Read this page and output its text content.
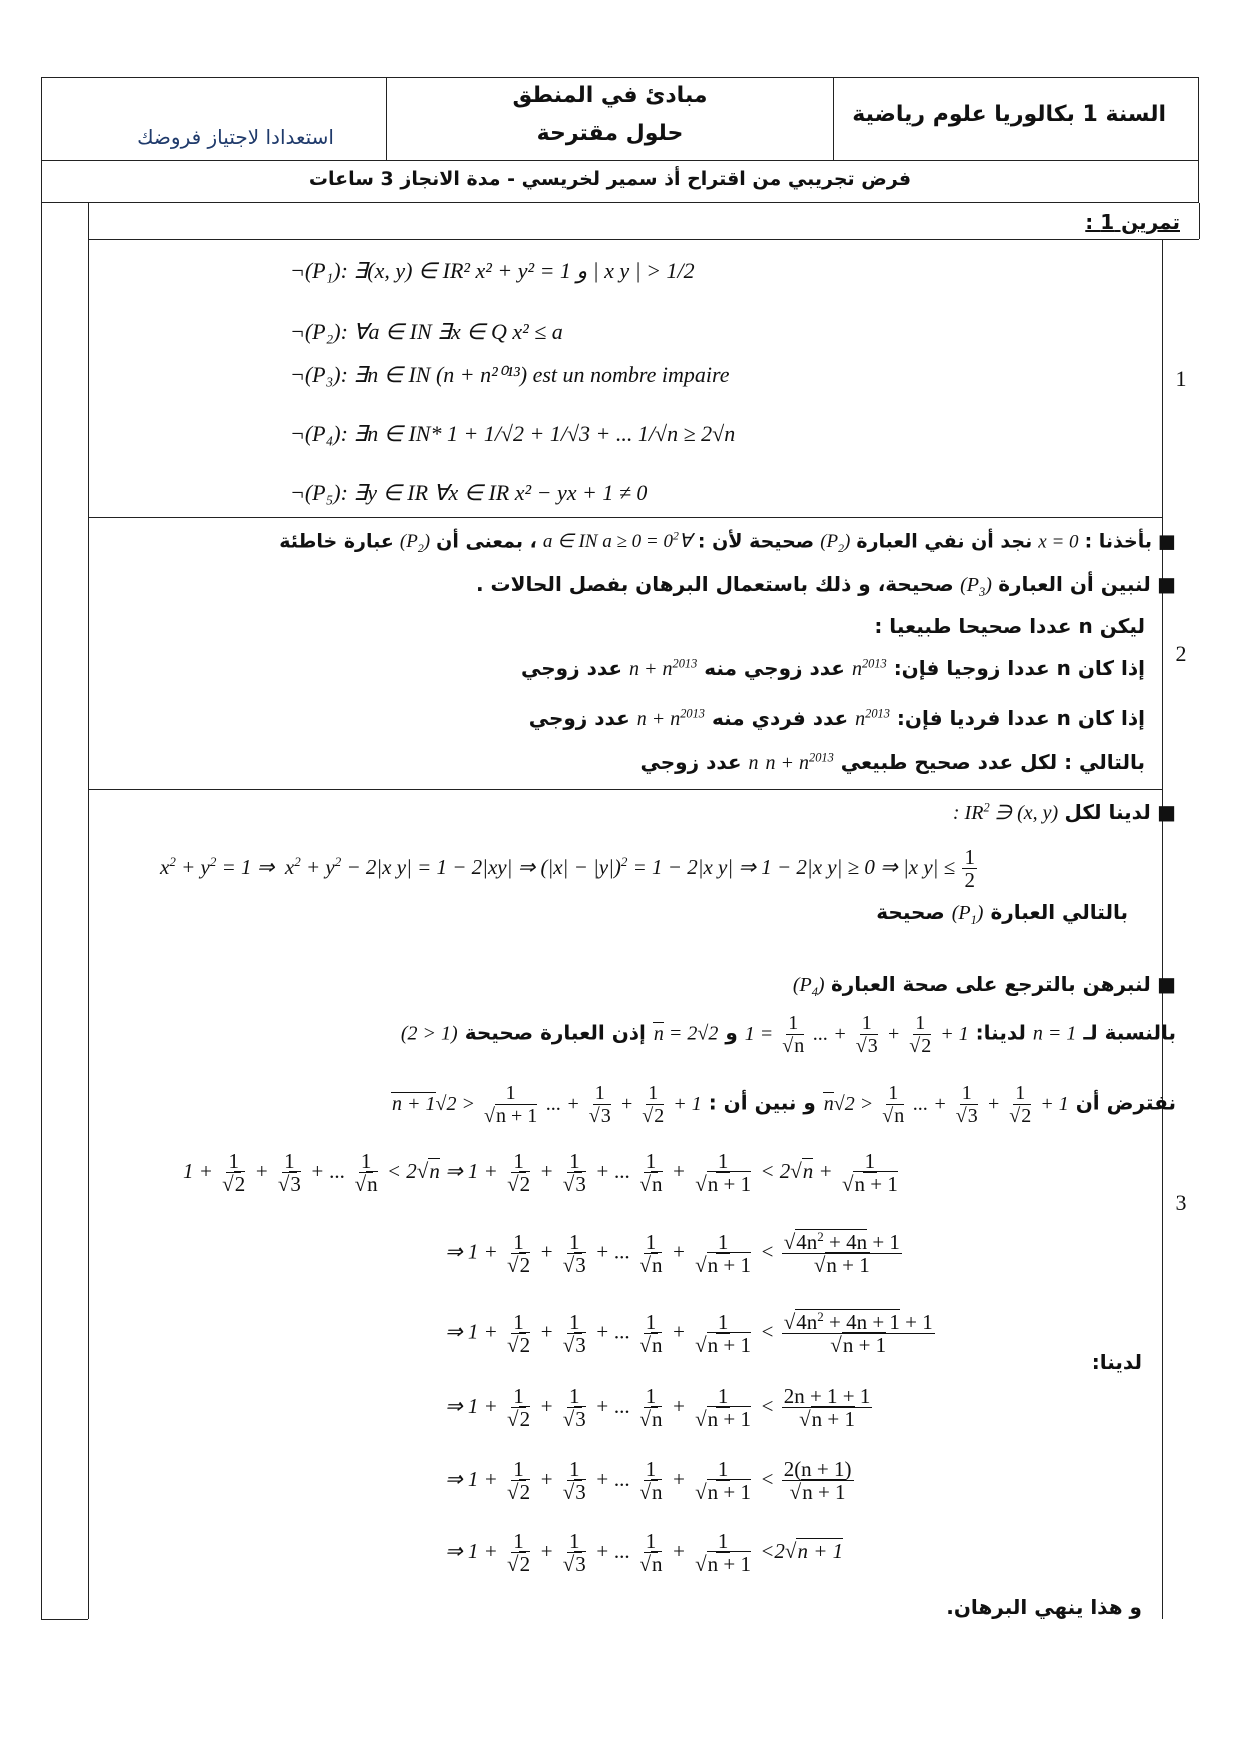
السنة 1 بكالوريا علوم رياضية
مبادئ في المنطق
حلول مقترحة
استعدادا لاجتياز فروضك
فرض تجريبي من اقتراح أذ سمير لخريسي - مدة الانجاز 3 ساعات
تمرين 1 :
1
2
3
¬(P₁): ∃(x, y) ∈ IR² x² + y² = 1 و | x y | > 1/2
¬(P₂): ∀a ∈ IN ∃x ∈ Q x² ≤ a
¬(P₃): ∃n ∈ IN (n + n²⁰¹³) est un nombre impaire
¬(P₄): ∃n ∈ IN* 1 + 1/√2 + 1/√3 + ... 1/√n ≥ 2√n
¬(P₅): ∃y ∈ IR ∀x ∈ IR x² − yx + 1 ≠ 0
■ بأخذنا : x = 0 نجد أن نفي العبارة $(P_2)$ صحيحة لأن : ∀a ∈ IN $a \ge 0 = 0^2$ ، بمعنى أن $(P_2)$ عبارة خاطئة
■ لنبين أن العبارة $(P_3)$ صحيحة، و ذلك باستعمال البرهان بفصل الحالات .
ليكن n عددا صحيحا طبيعيا :
إذا كان n عددا زوجيا فإن: $n^{2013}$ عدد زوجي منه $n + n^{2013}$ عدد زوجي
إذا كان n عددا فرديا فإن: $n^{2013}$ عدد فردي منه $n + n^{2013}$ عدد زوجي
بالتالي : لكل عدد صحيح طبيعي n $n + n^{2013}$ عدد زوجي
■ لدينا لكل (x, y) ∈ $IR^2$ :
$x^2 + y^2 = 1$ ⇒  $x^2 + y^2 - 2|x$ y| = 1 − 2|xy| ⇒ $(|x| - |y|)^2 = 1 - 2|x$ y| ⇒ 1 − 2|x y| ≥ 0 ⇒ |x $y| \le \frac{1}{2}$
بالتالي العبارة $(P_1)$ صحيحة
■ لنبرهن بالترجع على صحة العبارة $(P_4)$
بالنسبة لـ n = 1 لدينا: 1 +
$\frac{1}{√2}$
+
$\frac{1}{√3}$
+ ...
$\frac{1}{√n}$
= 1 و 2√n = 2 إذن العبارة صحيحة (1 < 2)
نفترض أن 1 +
$\frac{1}{√2}$
+
$\frac{1}{√3}$
+ ...
$\frac{1}{√n}$
< 2√n و نبين أن : 1 +
$\frac{1}{√2}$
+
$\frac{1}{√3}$
+ ...
$\frac{1}{√n + 1}$
< 2√n + 1
$1 + \frac{1}{√2} + \frac{1}{√3}$ + ... $\frac{1}{√n} < 2√n$ ⇒ $1 + \frac{1}{√2} + \frac{1}{√3}$ + ... $\frac{1}{√n} + \frac{1}{√n + 1} < 2√n + \frac{1}{√n + 1}$
⇒ $1 + \frac{1}{√2} + \frac{1}{√3}$ + ... $\frac{1}{√n} + \frac{1}{√n + 1} < \frac{√4n^2 + 4n + 1}{√n + 1}$
⇒ $1 + \frac{1}{√2} + \frac{1}{√3}$ + ... $\frac{1}{√n} + \frac{1}{√n + 1} < \frac{√4n^2 + 4n + 1 + 1}{√n + 1}$
لدينا:
⇒ $1 + \frac{1}{√2} + \frac{1}{√3}$ + ... $\frac{1}{√n} + \frac{1}{√n + 1} < \frac{2n + 1 + 1}{√n + 1}$
⇒ $1 + \frac{1}{√2} + \frac{1}{√3}$ + ... $\frac{1}{√n} + \frac{1}{√n + 1} < \frac{2(n + 1)}{√n + 1}$
⇒ $1 + \frac{1}{√2} + \frac{1}{√3}$ + ... $\frac{1}{√n} + \frac{1}{√n + 1} <2√n + 1$
و هذا ينهي البرهان.
